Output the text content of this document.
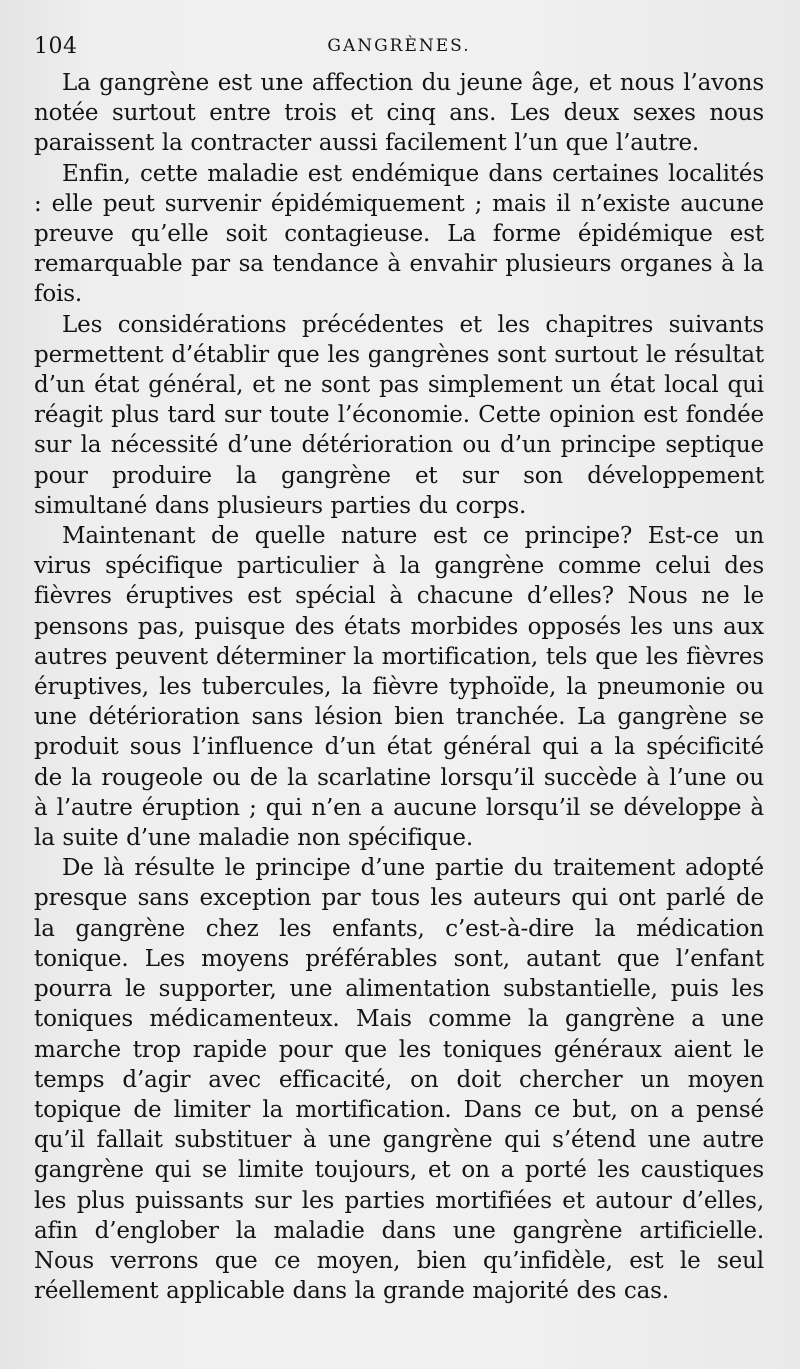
104	GANGRÈNES.

La gangrène est une affection du jeune âge, et nous l’avons notée surtout entre trois et cinq ans. Les deux sexes nous paraissent la contracter aussi facilement l’un que l’autre.

Enfin, cette maladie est endémique dans certaines localités : elle peut survenir épidémiquement ; mais il n’existe aucune preuve qu’elle soit contagieuse. La forme épidémique est remarquable par sa tendance à envahir plusieurs organes à la fois.

Les considérations précédentes et les chapitres suivants permettent d’établir que les gangrènes sont surtout le résultat d’un état général, et ne sont pas simplement un état local qui réagit plus tard sur toute l’économie. Cette opinion est fondée sur la nécessité d’une détérioration ou d’un principe septique pour produire la gangrène et sur son développement simultané dans plusieurs parties du corps.

Maintenant de quelle nature est ce principe? Est-ce un virus spécifique particulier à la gangrène comme celui des fièvres éruptives est spécial à chacune d’elles? Nous ne le pensons pas, puisque des états morbides opposés les uns aux autres peuvent déterminer la mortification, tels que les fièvres éruptives, les tubercules, la fièvre typhoïde, la pneumonie ou une détérioration sans lésion bien tranchée. La gangrène se produit sous l’influence d’un état général qui a la spécificité de la rougeole ou de la scarlatine lorsqu’il succède à l’une ou à l’autre éruption ; qui n’en a aucune lorsqu’il se développe à la suite d’une maladie non spécifique.

De là résulte le principe d’une partie du traitement adopté presque sans exception par tous les auteurs qui ont parlé de la gangrène chez les enfants, c’est-à-dire la médication tonique. Les moyens préférables sont, autant que l’enfant pourra le supporter, une alimentation substantielle, puis les toniques médicamenteux. Mais comme la gangrène a une marche trop rapide pour que les toniques généraux aient le temps d’agir avec efficacité, on doit chercher un moyen topique de limiter la mortification. Dans ce but, on a pensé qu’il fallait substituer à une gangrène qui s’étend une autre gangrène qui se limite toujours, et on a porté les caustiques les plus puissants sur les parties mortifiées et autour d’elles, afin d’englober la maladie dans une gangrène artificielle. Nous verrons que ce moyen, bien qu’infidèle, est le seul réellement applicable dans la grande majorité des cas.
